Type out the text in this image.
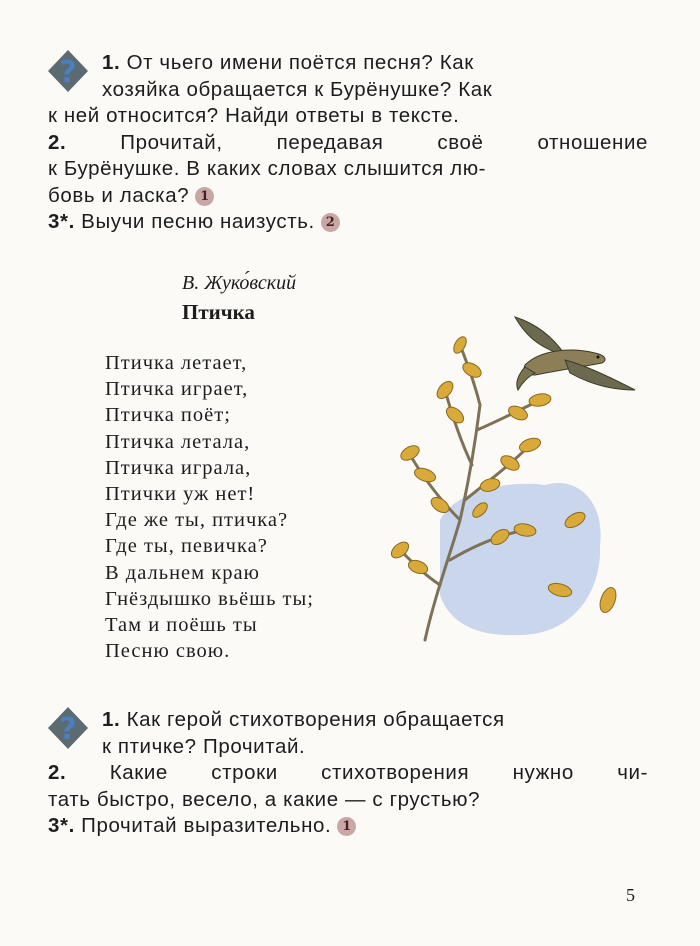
?	1. От чьего имени поётся песня? Как
хозяйка обращается к Бурёнушке? Как
к ней относится? Найди ответы в тексте.
2.	Прочитай, передавая своё отношение
к Бурёнушке. В каких словах слышится лю-
бовь и ласка? 1
3*. Выучи песню наизусть. 2
В. Жуко́вский
Птичка
Птичка летает,
Птичка играет,
Птичка поёт;
Птичка летала,
Птичка играла,
Птички уж нет!
Где же ты, птичка?
Где ты, певичка?
В дальнем краю
Гнёздышко вьёшь ты;
Там и поёшь ты
Песню свою.
?	1. Как герой стихотворения обращается
к птичке? Прочитай.
2. Какие строки стихотворения нужно чи-
тать быстро, весело, а какие — с грустью?
3*. Прочитай выразительно. 1
5
